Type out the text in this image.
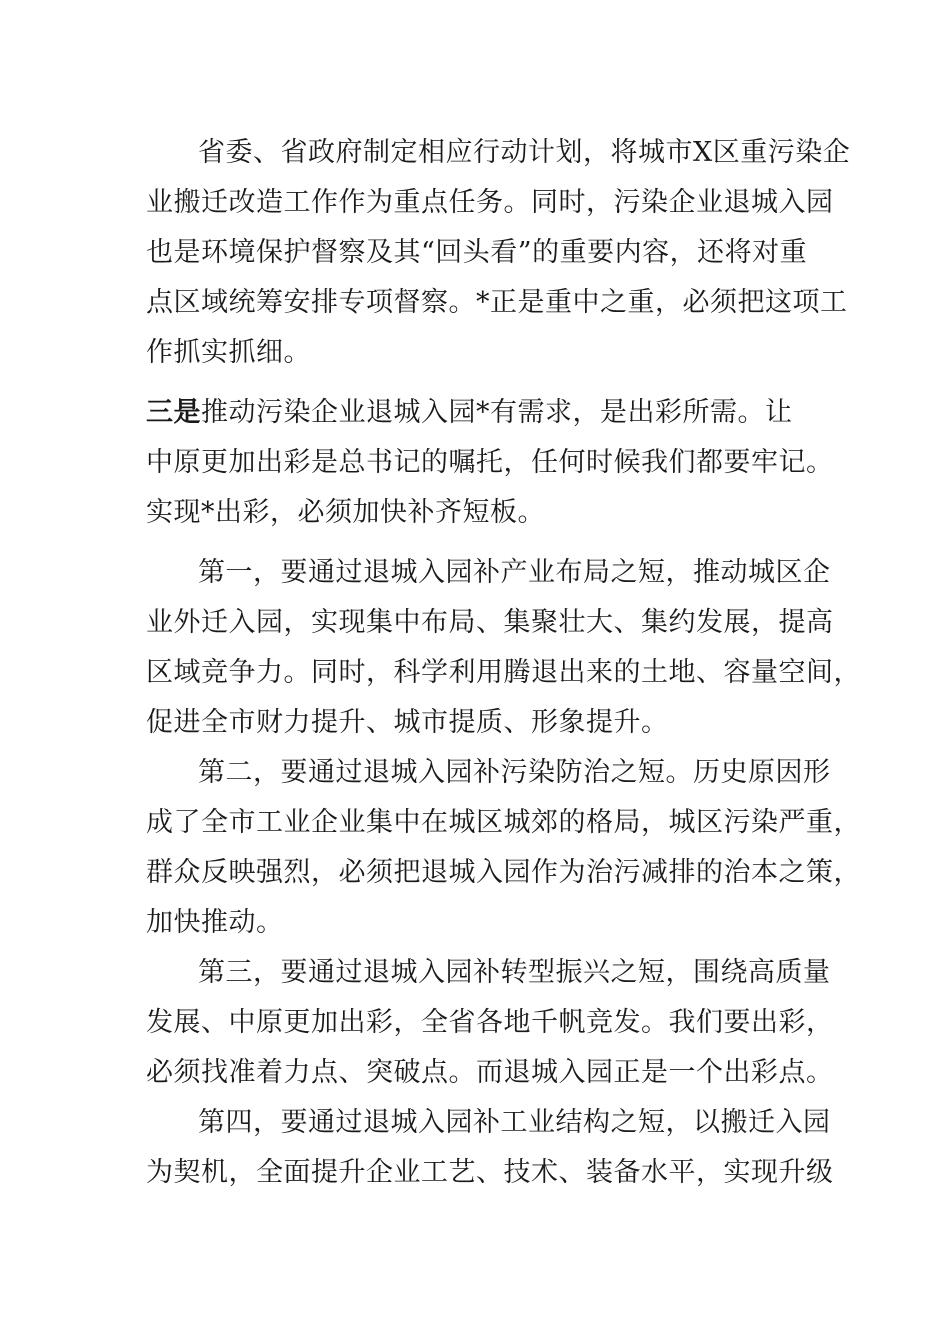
省委、省政府制定相应行动计划，将城市X区重污染企
业搬迁改造工作作为重点任务。同时，污染企业退城入园
也是环境保护督察及其“回头看”的重要内容，还将对重
点区域统筹安排专项督察。*正是重中之重，必须把这项工
作抓实抓细。
三是推动污染企业退城入园*有需求，是出彩所需。让
中原更加出彩是总书记的嘱托，任何时候我们都要牢记。
实现*出彩，必须加快补齐短板。
第一，要通过退城入园补产业布局之短，推动城区企
业外迁入园，实现集中布局、集聚壮大、集约发展，提高
区域竞争力。同时，科学利用腾退出来的土地、容量空间，
促进全市财力提升、城市提质、形象提升。
第二，要通过退城入园补污染防治之短。历史原因形
成了全市工业企业集中在城区城郊的格局，城区污染严重，
群众反映强烈，必须把退城入园作为治污减排的治本之策，
加快推动。
第三，要通过退城入园补转型振兴之短，围绕高质量
发展、中原更加出彩，全省各地千帆竞发。我们要出彩，
必须找准着力点、突破点。而退城入园正是一个出彩点。
第四，要通过退城入园补工业结构之短，以搬迁入园
为契机，全面提升企业工艺、技术、装备水平，实现升级
